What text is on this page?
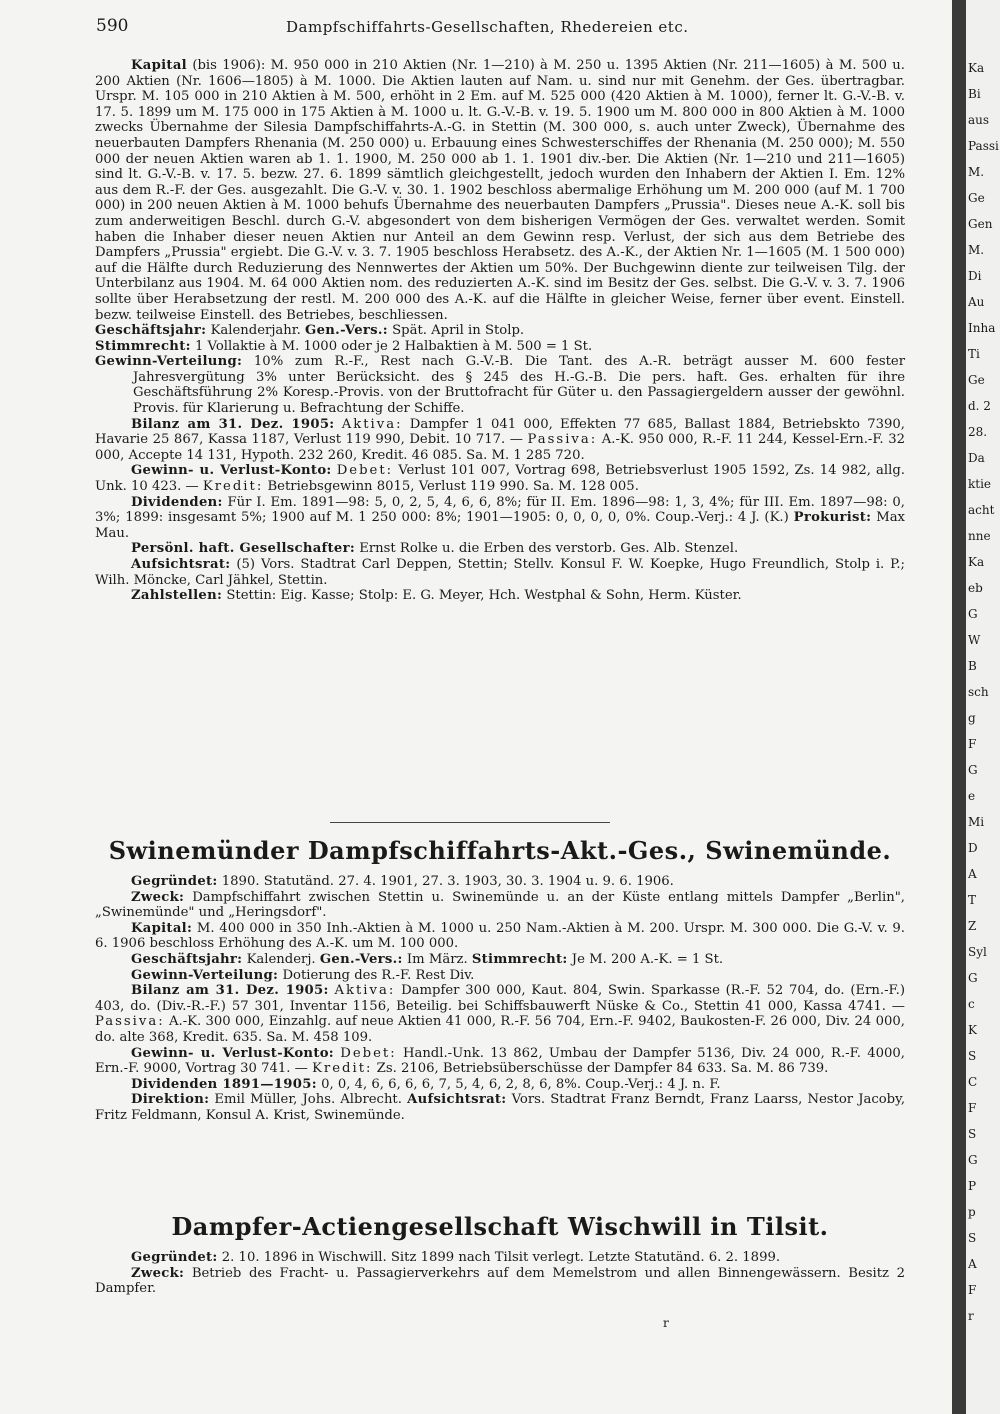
590	Dampfschiffahrts-Gesellschaften, Rhedereien etc.

Kapital (bis 1906): M. 950 000 in 210 Aktien (Nr. 1—210) à M. 250 u. 1395 Aktien (Nr. 211—1605) à M. 500 u. 200 Aktien (Nr. 1606—1805) à M. 1000. Die Aktien lauten auf Nam. u. sind nur mit Genehm. der Ges. übertragbar. Urspr. M. 105 000 in 210 Aktien à M. 500, erhöht in 2 Em. auf M. 525 000 (420 Aktien à M. 1000), ferner lt. G.-V.-B. v. 17. 5. 1899 um M. 175 000 in 175 Aktien à M. 1000 u. lt. G.-V.-B. v. 19. 5. 1900 um M. 800 000 in 800 Aktien à M. 1000 zwecks Übernahme der Silesia Dampfschiffahrts-A.-G. in Stettin (M. 300 000, s. auch unter Zweck), Übernahme des neuerbauten Dampfers Rhenania (M. 250 000) u. Erbauung eines Schwesterschiffes der Rhenania (M. 250 000); M. 550 000 der neuen Aktien waren ab 1. 1. 1900, M. 250 000 ab 1. 1. 1901 div.-ber. Die Aktien (Nr. 1—210 und 211—1605) sind lt. G.-V.-B. v. 17. 5. bezw. 27. 6. 1899 sämtlich gleichgestellt, jedoch wurden den Inhabern der Aktien I. Em. 12% aus dem R.-F. der Ges. ausgezahlt. Die G.-V. v. 30. 1. 1902 beschloss abermalige Erhöhung um M. 200 000 (auf M. 1 700 000) in 200 neuen Aktien à M. 1000 behufs Übernahme des neuerbauten Dampfers „Prussia". Dieses neue A.-K. soll bis zum anderweitigen Beschl. durch G.-V. abgesondert von dem bisherigen Vermögen der Ges. verwaltet werden. Somit haben die Inhaber dieser neuen Aktien nur Anteil an dem Gewinn resp. Verlust, der sich aus dem Betriebe des Dampfers „Prussia" ergiebt. Die G.-V. v. 3. 7. 1905 beschloss Herabsetz. des A.-K., der Aktien Nr. 1—1605 (M. 1 500 000) auf die Hälfte durch Reduzierung des Nennwertes der Aktien um 50%. Der Buchgewinn diente zur teilweisen Tilg. der Unterbilanz aus 1904. M. 64 000 Aktien nom. des reduzierten A.-K. sind im Besitz der Ges. selbst. Die G.-V. v. 3. 7. 1906 sollte über Herabsetzung der restl. M. 200 000 des A.-K. auf die Hälfte in gleicher Weise, ferner über event. Einstell. bezw. teilweise Einstell. des Betriebes, beschliessen.

Geschäftsjahr: Kalenderjahr. Gen.-Vers.: Spät. April in Stolp.

Stimmrecht: 1 Vollaktie à M. 1000 oder je 2 Halbaktien à M. 500 = 1 St.

Gewinn-Verteilung: 10% zum R.-F., Rest nach G.-V.-B. Die Tant. des A.-R. beträgt ausser M. 600 fester Jahresvergütung 3% unter Berücksicht. des § 245 des H.-G.-B. Die pers. haft. Ges. erhalten für ihre Geschäftsführung 2% Koresp.-Provis. von der Bruttofracht für Güter u. den Passagiergeldern ausser der gewöhnl. Provis. für Klarierung u. Befrachtung der Schiffe.

Bilanz am 31. Dez. 1905: Aktiva: Dampfer 1 041 000, Effekten 77 685, Ballast 1884, Betriebskto 7390, Havarie 25 867, Kassa 1187, Verlust 119 990, Debit. 10 717. — Passiva: A.-K. 950 000, R.-F. 11 244, Kessel-Ern.-F. 32 000, Accepte 14 131, Hypoth. 232 260, Kredit. 46 085. Sa. M. 1 285 720.

Gewinn- u. Verlust-Konto: Debet: Verlust 101 007, Vortrag 698, Betriebsverlust 1905 1592, Zs. 14 982, allg. Unk. 10 423. — Kredit: Betriebsgewinn 8015, Verlust 119 990. Sa. M. 128 005.

Dividenden: Für I. Em. 1891—98: 5, 0, 2, 5, 4, 6, 6, 8%; für II. Em. 1896—98: 1, 3, 4%; für III. Em. 1897—98: 0, 3%; 1899: insgesamt 5%; 1900 auf M. 1 250 000: 8%; 1901—1905: 0, 0, 0, 0, 0%. Coup.-Verj.: 4 J. (K.) Prokurist: Max Mau.

Persönl. haft. Gesellschafter: Ernst Rolke u. die Erben des verstorb. Ges. Alb. Stenzel.

Aufsichtsrat: (5) Vors. Stadtrat Carl Deppen, Stettin; Stellv. Konsul F. W. Koepke, Hugo Freundlich, Stolp i. P.; Wilh. Möncke, Carl Jähkel, Stettin.

Zahlstellen: Stettin: Eig. Kasse; Stolp: E. G. Meyer, Hch. Westphal & Sohn, Herm. Küster.

Swinemünder Dampfschiffahrts-Akt.-Ges., Swinemünde.

Gegründet: 1890. Statutänd. 27. 4. 1901, 27. 3. 1903, 30. 3. 1904 u. 9. 6. 1906.

Zweck: Dampfschiffahrt zwischen Stettin u. Swinemünde u. an der Küste entlang mittels Dampfer „Berlin", „Swinemünde" und „Heringsdorf".

Kapital: M. 400 000 in 350 Inh.-Aktien à M. 1000 u. 250 Nam.-Aktien à M. 200. Urspr. M. 300 000. Die G.-V. v. 9. 6. 1906 beschloss Erhöhung des A.-K. um M. 100 000.

Geschäftsjahr: Kalenderj. Gen.-Vers.: Im März. Stimmrecht: Je M. 200 A.-K. = 1 St.

Gewinn-Verteilung: Dotierung des R.-F. Rest Div.

Bilanz am 31. Dez. 1905: Aktiva: Dampfer 300 000, Kaut. 804, Swin. Sparkasse (R.-F. 52 704, do. (Ern.-F.) 403, do. (Div.-R.-F.) 57 301, Inventar 1156, Beteilig. bei Schiffsbauwerft Nüske & Co., Stettin 41 000, Kassa 4741. — Passiva: A.-K. 300 000, Einzahlg. auf neue Aktien 41 000, R.-F. 56 704, Ern.-F. 9402, Baukosten-F. 26 000, Div. 24 000, do. alte 368, Kredit. 635. Sa. M. 458 109.

Gewinn- u. Verlust-Konto: Debet: Handl.-Unk. 13 862, Umbau der Dampfer 5136, Div. 24 000, R.-F. 4000, Ern.-F. 9000, Vortrag 30 741. — Kredit: Zs. 2106, Betriebsüberschüsse der Dampfer 84 633. Sa. M. 86 739.

Dividenden 1891—1905: 0, 0, 4, 6, 6, 6, 6, 7, 5, 4, 6, 2, 8, 6, 8%. Coup.-Verj.: 4 J. n. F.

Direktion: Emil Müller, Johs. Albrecht. Aufsichtsrat: Vors. Stadtrat Franz Berndt, Franz Laarss, Nestor Jacoby, Fritz Feldmann, Konsul A. Krist, Swinemünde.

Dampfer-Actiengesellschaft Wischwill in Tilsit.

Gegründet: 2. 10. 1896 in Wischwill. Sitz 1899 nach Tilsit verlegt. Letzte Statutänd. 6. 2. 1899.

Zweck: Betrieb des Fracht- u. Passagierverkehrs auf dem Memelstrom und allen Binnengewässern. Besitz 2 Dampfer.

r
Ka
Bi
aus
Passi
M.
Ge
Gen
M.
Di
Au
Inha
Ti
Ge
d. 2
28.
Da
ktie
acht
nne
Ka
eb
G
W
B
sch
g
F
G
e
Mi
D
A
T
Z
Syl
G
c
K
S
C
F
S
G
P
p
S
A
F
r
